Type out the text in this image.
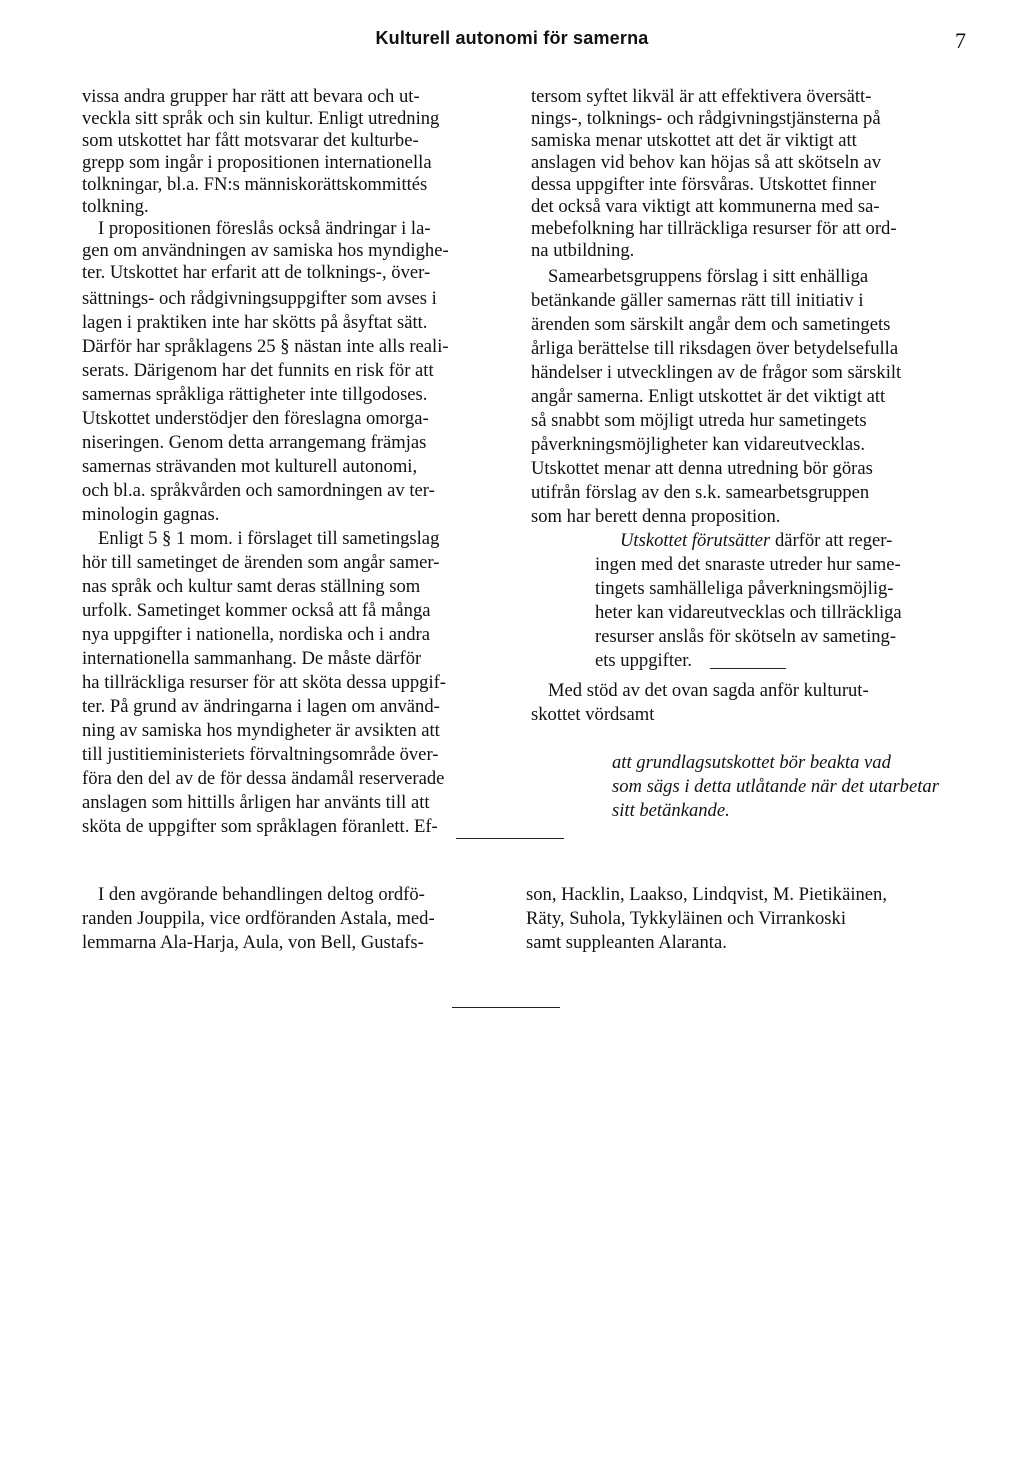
Kulturell autonomi för samerna	7
vissa andra grupper har rätt att bevara och ut-
veckla sitt språk och sin kultur. Enligt utredning
som utskottet har fått motsvarar det kulturbe-
grepp som ingår i propositionen internationella
tolkningar, bl.a. FN:s människorättskommittés
tolkning.
I propositionen föreslås också ändringar i la-
gen om användningen av samiska hos myndighe-
ter. Utskottet har erfarit att de tolknings-, över-
sättnings- och rådgivningsuppgifter som avses i
lagen i praktiken inte har skötts på åsyftat sätt.
Därför har språklagens 25 § nästan inte alls reali-
serats. Därigenom har det funnits en risk för att
samernas språkliga rättigheter inte tillgodoses.
Utskottet understödjer den föreslagna omorga-
niseringen. Genom detta arrangemang främjas
samernas strävanden mot kulturell autonomi,
och bl.a. språkvården och samordningen av ter-
minologin gagnas.
Enligt 5 § 1 mom. i förslaget till sametingslag
hör till sametinget de ärenden som angår samer-
nas språk och kultur samt deras ställning som
urfolk. Sametinget kommer också att få många
nya uppgifter i nationella, nordiska och i andra
internationella sammanhang. De måste därför
ha tillräckliga resurser för att sköta dessa uppgif-
ter. På grund av ändringarna i lagen om använd-
ning av samiska hos myndigheter är avsikten att
till justitieministeriets förvaltningsområde över-
föra den del av de för dessa ändamål reserverade
anslagen som hittills årligen har använts till att
sköta de uppgifter som språklagen föranlett. Ef-
tersom syftet likväl är att effektivera översätt-
nings-, tolknings- och rådgivningstjänsterna på
samiska menar utskottet att det är viktigt att
anslagen vid behov kan höjas så att skötseln av
dessa uppgifter inte försvåras. Utskottet finner
det också vara viktigt att kommunerna med sa-
mebefolkning har tillräckliga resurser för att ord-
na utbildning.
Samearbetsgruppens förslag i sitt enhälliga
betänkande gäller samernas rätt till initiativ i
ärenden som särskilt angår dem och sametingets
årliga berättelse till riksdagen över betydelsefulla
händelser i utvecklingen av de frågor som särskilt
angår samerna. Enligt utskottet är det viktigt att
så snabbt som möjligt utreda hur sametingets
påverkningsmöjligheter kan vidareutvecklas.
Utskottet menar att denna utredning bör göras
utifrån förslag av den s.k. samearbetsgruppen
som har berett denna proposition.
Utskottet förutsätter därför att reger-
ingen med det snaraste utreder hur same-
tingets samhälleliga påverkningsmöjlig-
heter kan vidareutvecklas och tillräckliga
resurser anslås för skötseln av sameting-
ets uppgifter.
Med stöd av det ovan sagda anför kulturut-
skottet vördsamt
att grundlagsutskottet bör beakta vad
som sägs i detta utlåtande när det utarbetar
sitt betänkande.
I den avgörande behandlingen deltog ordfö-
randen Jouppila, vice ordföranden Astala, med-
lemmarna Ala-Harja, Aula, von Bell, Gustafs-
son, Hacklin, Laakso, Lindqvist, M. Pietikäinen,
Räty, Suhola, Tykkyläinen och Virrankoski
samt suppleanten Alaranta.
